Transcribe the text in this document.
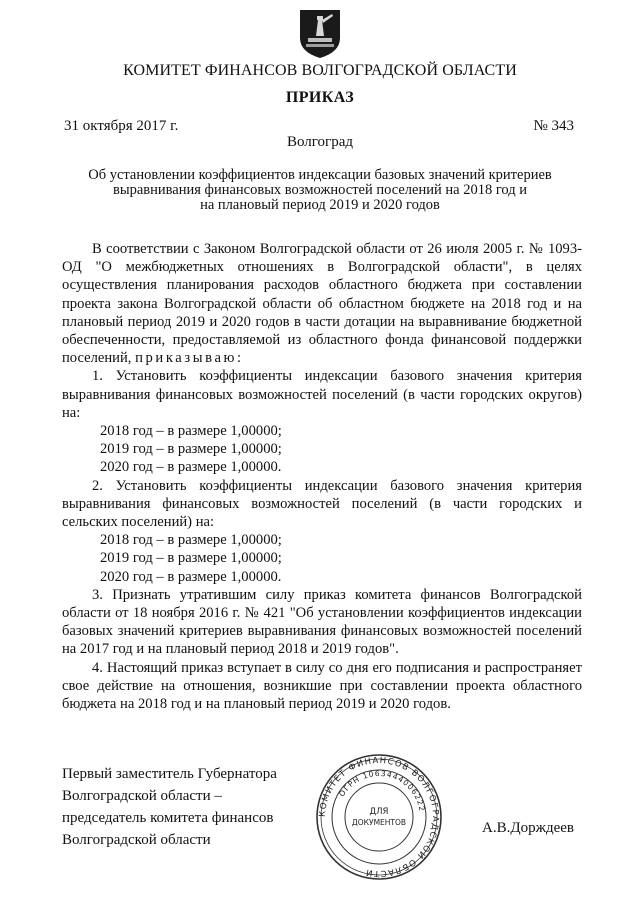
КОМИТЕТ ФИНАНСОВ ВОЛГОГРАДСКОЙ ОБЛАСТИ
ПРИКАЗ
31 октября 2017 г.	№ 343
Волгоград
Об установлении коэффициентов индексации базовых значений критериев
выравнивания финансовых возможностей поселений на 2018 год и
на плановый период 2019 и 2020 годов

В соответствии с Законом Волгоградской области от 26 июля 2005 г. № 1093-ОД "О межбюджетных отношениях в Волгоградской области", в целях осуществления планирования расходов областного бюджета при составлении проекта закона Волгоградской области об областном бюджете на 2018 год и на плановый период 2019 и 2020 годов в части дотации на выравнивание бюджетной обеспеченности, предоставляемой из областного фонда финансовой поддержки поселений, приказываю:

1. Установить коэффициенты индексации базового значения критерия выравнивания финансовых возможностей поселений (в части городских округов) на:

2018 год – в размере 1,00000;

2019 год – в размере 1,00000;

2020 год – в размере 1,00000.

2. Установить коэффициенты индексации базового значения критерия выравнивания финансовых возможностей поселений (в части городских и сельских поселений) на:

2018 год – в размере 1,00000;

2019 год – в размере 1,00000;

2020 год – в размере 1,00000.

3. Признать утратившим силу приказ комитета финансов Волгоградской области от 18 ноября 2016 г. № 421 "Об установлении коэффициентов индексации базовых значений критериев выравнивания финансовых возможностей поселений на 2017 год и на плановый период 2018 и 2019 годов".

4. Настоящий приказ вступает в силу со дня его подписания и распространяет свое действие на отношения, возникшие при составлении проекта областного бюджета на 2018 год и на плановый период 2019 и 2020 годов.

Первый заместитель Губернатора
Волгоградской области –
председатель комитета финансов
Волгоградской области
А.В.Дорждеев
КОМИТЕТ ФИНАНСОВ ВОЛГОГРАДСКОЙ ОБЛАСТИ
ОГРН 1063444006222
ДЛЯ
ДОКУМЕНТОВ
